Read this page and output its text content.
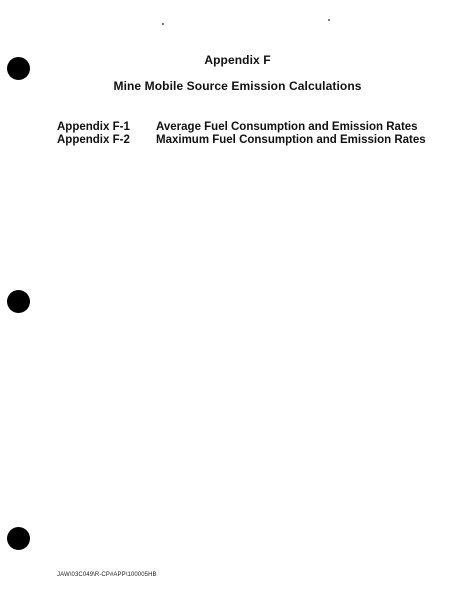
Appendix F
Mine Mobile Source Emission Calculations
Appendix F-1 Average Fuel Consumption and Emission Rates
Appendix F-2 Maximum Fuel Consumption and Emission Rates
JAW\03C049\R-CP#APP\100005HB
